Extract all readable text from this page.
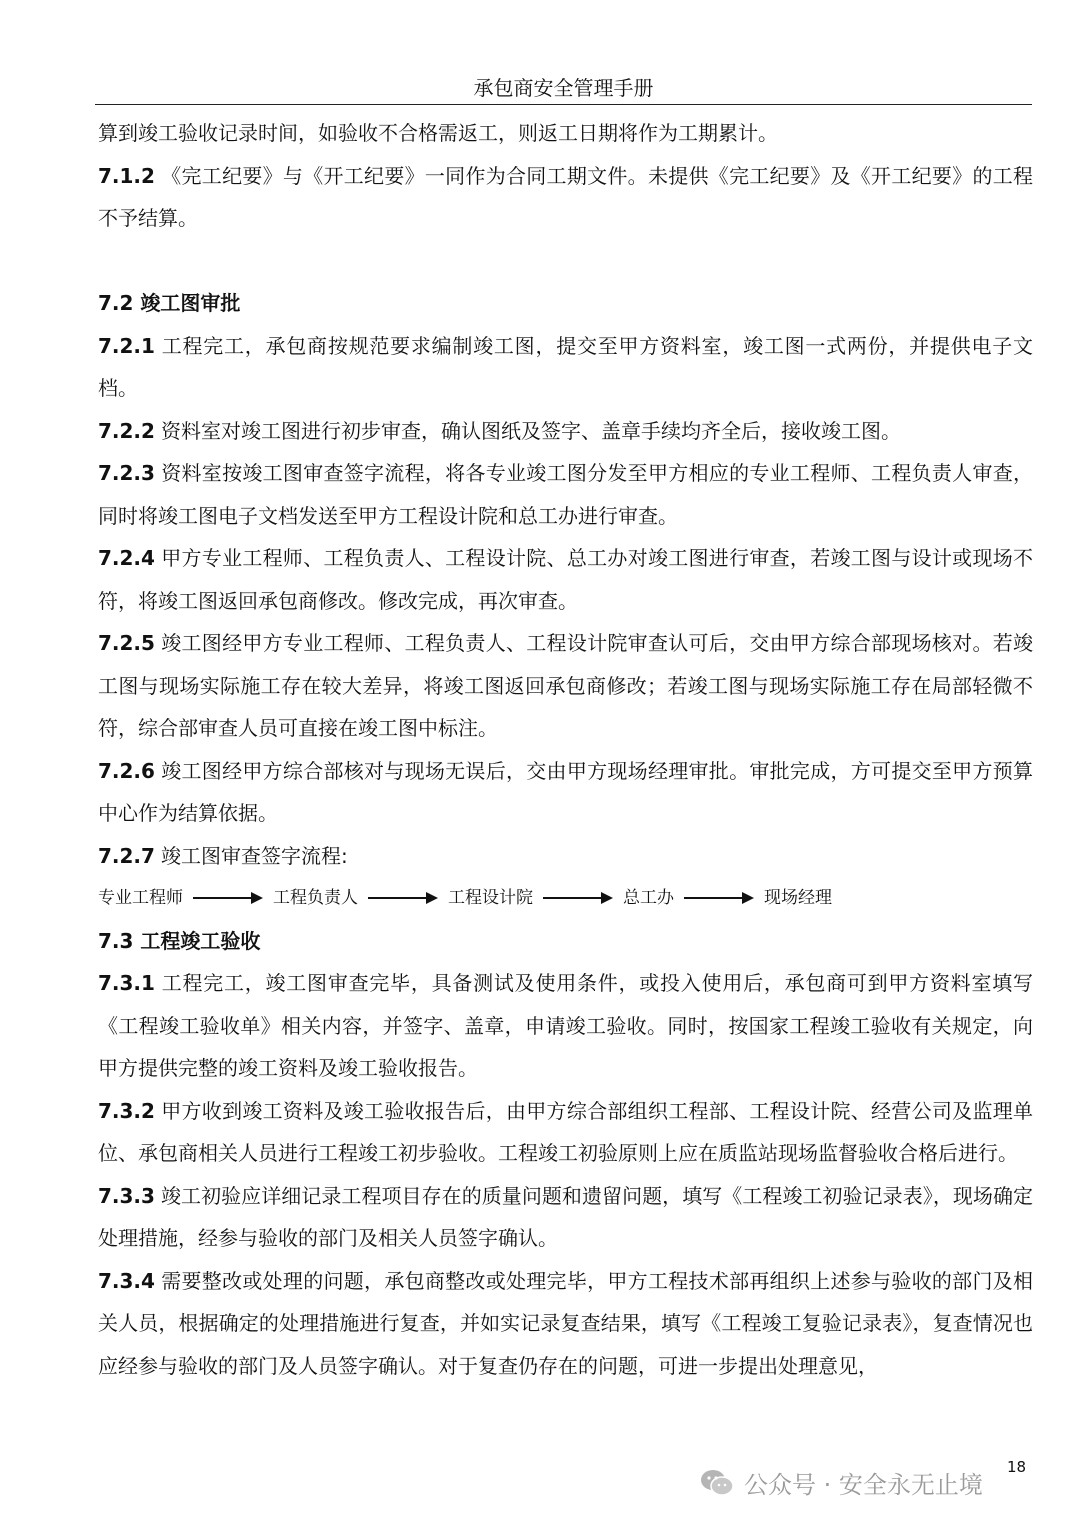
承包商安全管理手册

算到竣工验收记录时间，如验收不合格需返工，则返工日期将作为工期累计。

7.1.2 《完工纪要》与《开工纪要》一同作为合同工期文件。未提供《完工纪要》及《开工纪要》的工程不予结算。

7.2 竣工图审批

7.2.1 工程完工，承包商按规范要求编制竣工图，提交至甲方资料室，竣工图一式两份，并提供电子文档。

7.2.2 资料室对竣工图进行初步审查，确认图纸及签字、盖章手续均齐全后，接收竣工图。

7.2.3 资料室按竣工图审查签字流程，将各专业竣工图分发至甲方相应的专业工程师、工程负责人审查，同时将竣工图电子文档发送至甲方工程设计院和总工办进行审查。

7.2.4 甲方专业工程师、工程负责人、工程设计院、总工办对竣工图进行审查，若竣工图与设计或现场不符，将竣工图返回承包商修改。修改完成，再次审查。

7.2.5 竣工图经甲方专业工程师、工程负责人、工程设计院审查认可后，交由甲方综合部现场核对。若竣工图与现场实际施工存在较大差异，将竣工图返回承包商修改；若竣工图与现场实际施工存在局部轻微不符，综合部审查人员可直接在竣工图中标注。

7.2.6 竣工图经甲方综合部核对与现场无误后，交由甲方现场经理审批。审批完成，方可提交至甲方预算中心作为结算依据。

7.2.7 竣工图审查签字流程:

专业工程师	工程负责人	工程设计院	总工办	现场经理

7.3 工程竣工验收

7.3.1 工程完工，竣工图审查完毕，具备测试及使用条件，或投入使用后，承包商可到甲方资料室填写《工程竣工验收单》相关内容，并签字、盖章，申请竣工验收。同时，按国家工程竣工验收有关规定，向甲方提供完整的竣工资料及竣工验收报告。

7.3.2 甲方收到竣工资料及竣工验收报告后，由甲方综合部组织工程部、工程设计院、经营公司及监理单位、承包商相关人员进行工程竣工初步验收。工程竣工初验原则上应在质监站现场监督验收合格后进行。

7.3.3 竣工初验应详细记录工程项目存在的质量问题和遗留问题，填写《工程竣工初验记录表》，现场确定处理措施，经参与验收的部门及相关人员签字确认。

7.3.4 需要整改或处理的问题，承包商整改或处理完毕，甲方工程技术部再组织上述参与验收的部门及相关人员，根据确定的处理措施进行复查，并如实记录复查结果，填写《工程竣工复验记录表》，复查情况也应经参与验收的部门及人员签字确认。对于复查仍存在的问题，可进一步提出处理意见，

18
公众号 · 安全永无止境
